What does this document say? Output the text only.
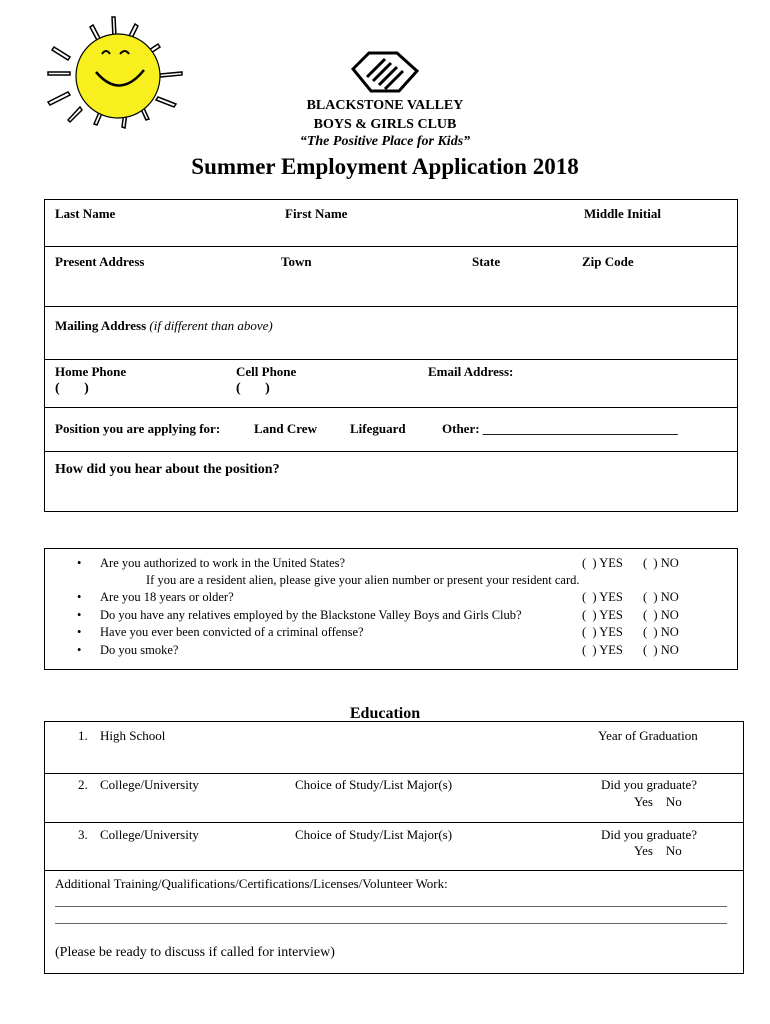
BLACKSTONE VALLEY
BOYS & GIRLS CLUB
“The Positive Place for Kids”
Summer Employment Application 2018
Last Name	First Name	Middle Initial
Present Address	Town	State	Zip Code
Mailing Address (if different than above)
Home Phone	Cell Phone	Email Address:
(       )	(       )
Position you are applying for:	Land Crew	Lifeguard	Other: ______________________________
How did you hear about the position?
• Are you authorized to work in the United States?	(  ) YES (  ) NO
If you are a resident alien, please give your alien number or present your resident card.
• Are you 18 years or older?	(  ) YES (  ) NO
• Do you have any relatives employed by the Blackstone Valley Boys and Girls Club?	(  ) YES (  ) NO
• Have you ever been convicted of a criminal offense?	(  ) YES (  ) NO
• Do you smoke?	(  ) YES (  ) NO
Education
1. High School	Year of Graduation
2. College/University	Choice of Study/List Major(s)	Did you graduate?
Yes    No
3. College/University	Choice of Study/List Major(s)	Did you graduate?
Yes    No
Additional Training/Qualifications/Certifications/Licenses/Volunteer Work:
(Please be ready to discuss if called for interview)
